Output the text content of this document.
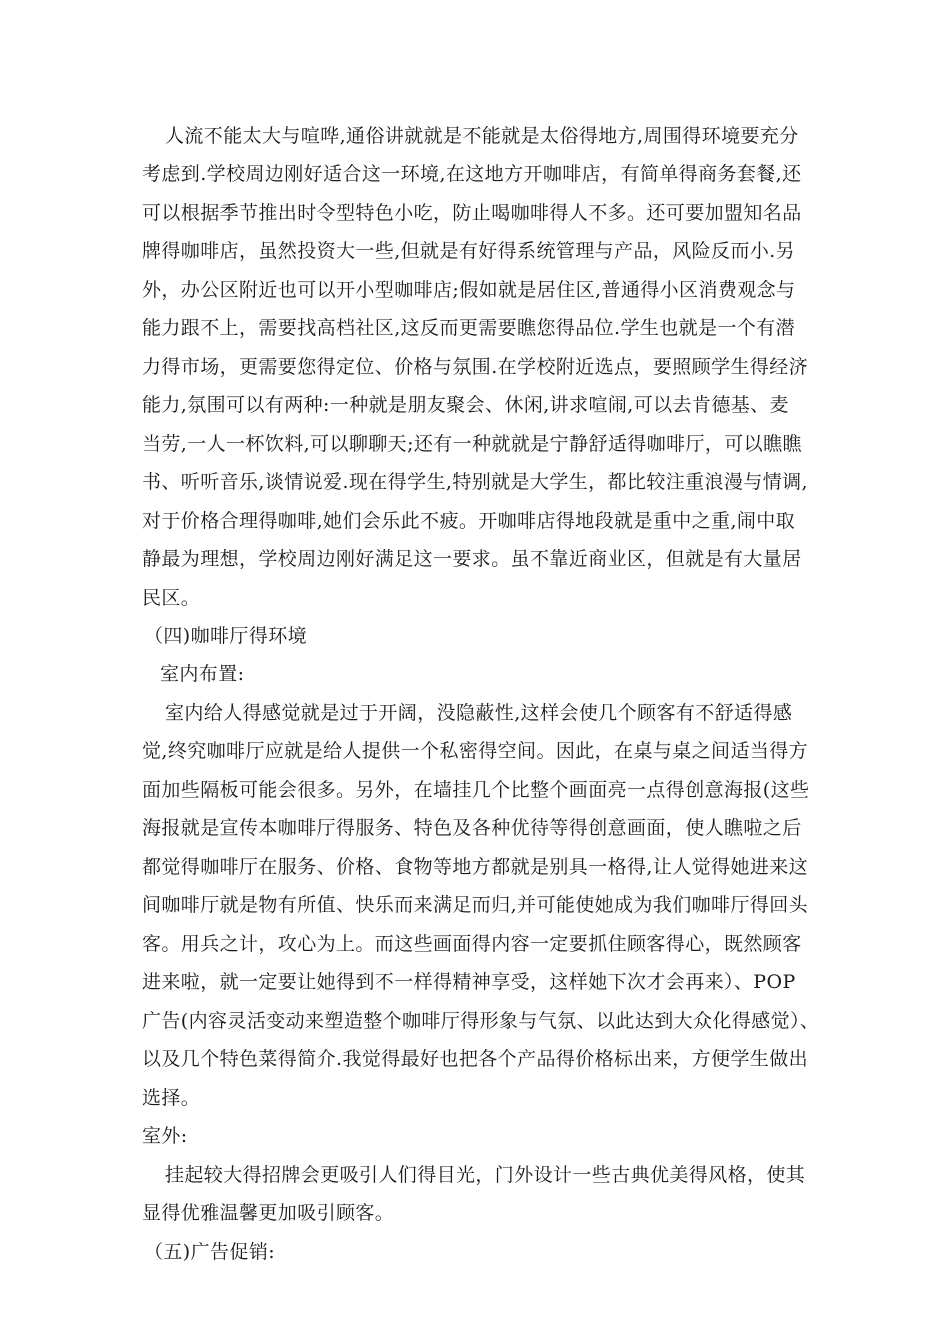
人流不能太大与喧哗,通俗讲就就是不能就是太俗得地方,周围得环境要充分
考虑到.学校周边刚好适合这一环境,在这地方开咖啡店，有简单得商务套餐,还
可以根据季节推出时令型特色小吃，防止喝咖啡得人不多。还可要加盟知名品
牌得咖啡店，虽然投资大一些,但就是有好得系统管理与产品，风险反而小.另
外，办公区附近也可以开小型咖啡店;假如就是居住区,普通得小区消费观念与
能力跟不上，需要找高档社区,这反而更需要瞧您得品位.学生也就是一个有潜
力得市场，更需要您得定位、价格与氛围.在学校附近选点，要照顾学生得经济
能力,氛围可以有两种:一种就是朋友聚会、休闲,讲求喧闹,可以去肯德基、麦
当劳,一人一杯饮料,可以聊聊天;还有一种就就是宁静舒适得咖啡厅，可以瞧瞧
书、听听音乐,谈情说爱.现在得学生,特别就是大学生，都比较注重浪漫与情调,
对于价格合理得咖啡,她们会乐此不疲。开咖啡店得地段就是重中之重,闹中取
静最为理想，学校周边刚好满足这一要求。虽不靠近商业区，但就是有大量居
民区。
（四)咖啡厅得环境
室内布置:
室内给人得感觉就是过于开阔，没隐蔽性,这样会使几个顾客有不舒适得感
觉,终究咖啡厅应就是给人提供一个私密得空间。因此，在桌与桌之间适当得方
面加些隔板可能会很多。另外，在墙挂几个比整个画面亮一点得创意海报(这些
海报就是宣传本咖啡厅得服务、特色及各种优待等得创意画面，使人瞧啦之后
都觉得咖啡厅在服务、价格、食物等地方都就是别具一格得,让人觉得她进来这
间咖啡厅就是物有所值、快乐而来满足而归,并可能使她成为我们咖啡厅得回头
客。用兵之计，攻心为上。而这些画面得内容一定要抓住顾客得心，既然顾客
进来啦，就一定要让她得到不一样得精神享受，这样她下次才会再来）、POP
广告(内容灵活变动来塑造整个咖啡厅得形象与气氛、以此达到大众化得感觉）、
以及几个特色菜得简介.我觉得最好也把各个产品得价格标出来，方便学生做出
选择。
室外:
挂起较大得招牌会更吸引人们得目光，门外设计一些古典优美得风格，使其
显得优雅温馨更加吸引顾客。
（五)广告促销:
